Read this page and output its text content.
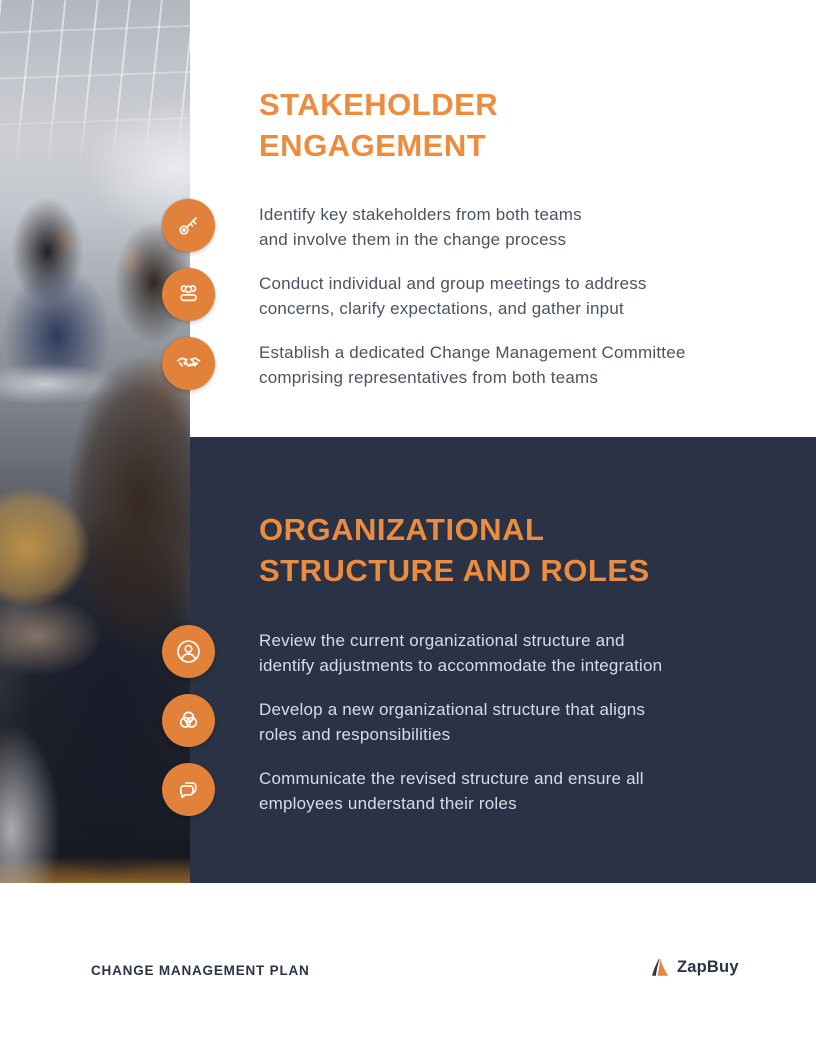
STAKEHOLDER
ENGAGEMENT
Identify key stakeholders from both teams
and involve them in the change process
Conduct individual and group meetings to address
concerns, clarify expectations, and gather input
Establish a dedicated Change Management Committee
comprising representatives from both teams
ORGANIZATIONAL
STRUCTURE AND ROLES
Review the current organizational structure and
identify adjustments to accommodate the integration
Develop a new organizational structure that aligns
roles and responsibilities
Communicate the revised structure and ensure all
employees understand their roles
CHANGE MANAGEMENT PLAN	ZapBuy
